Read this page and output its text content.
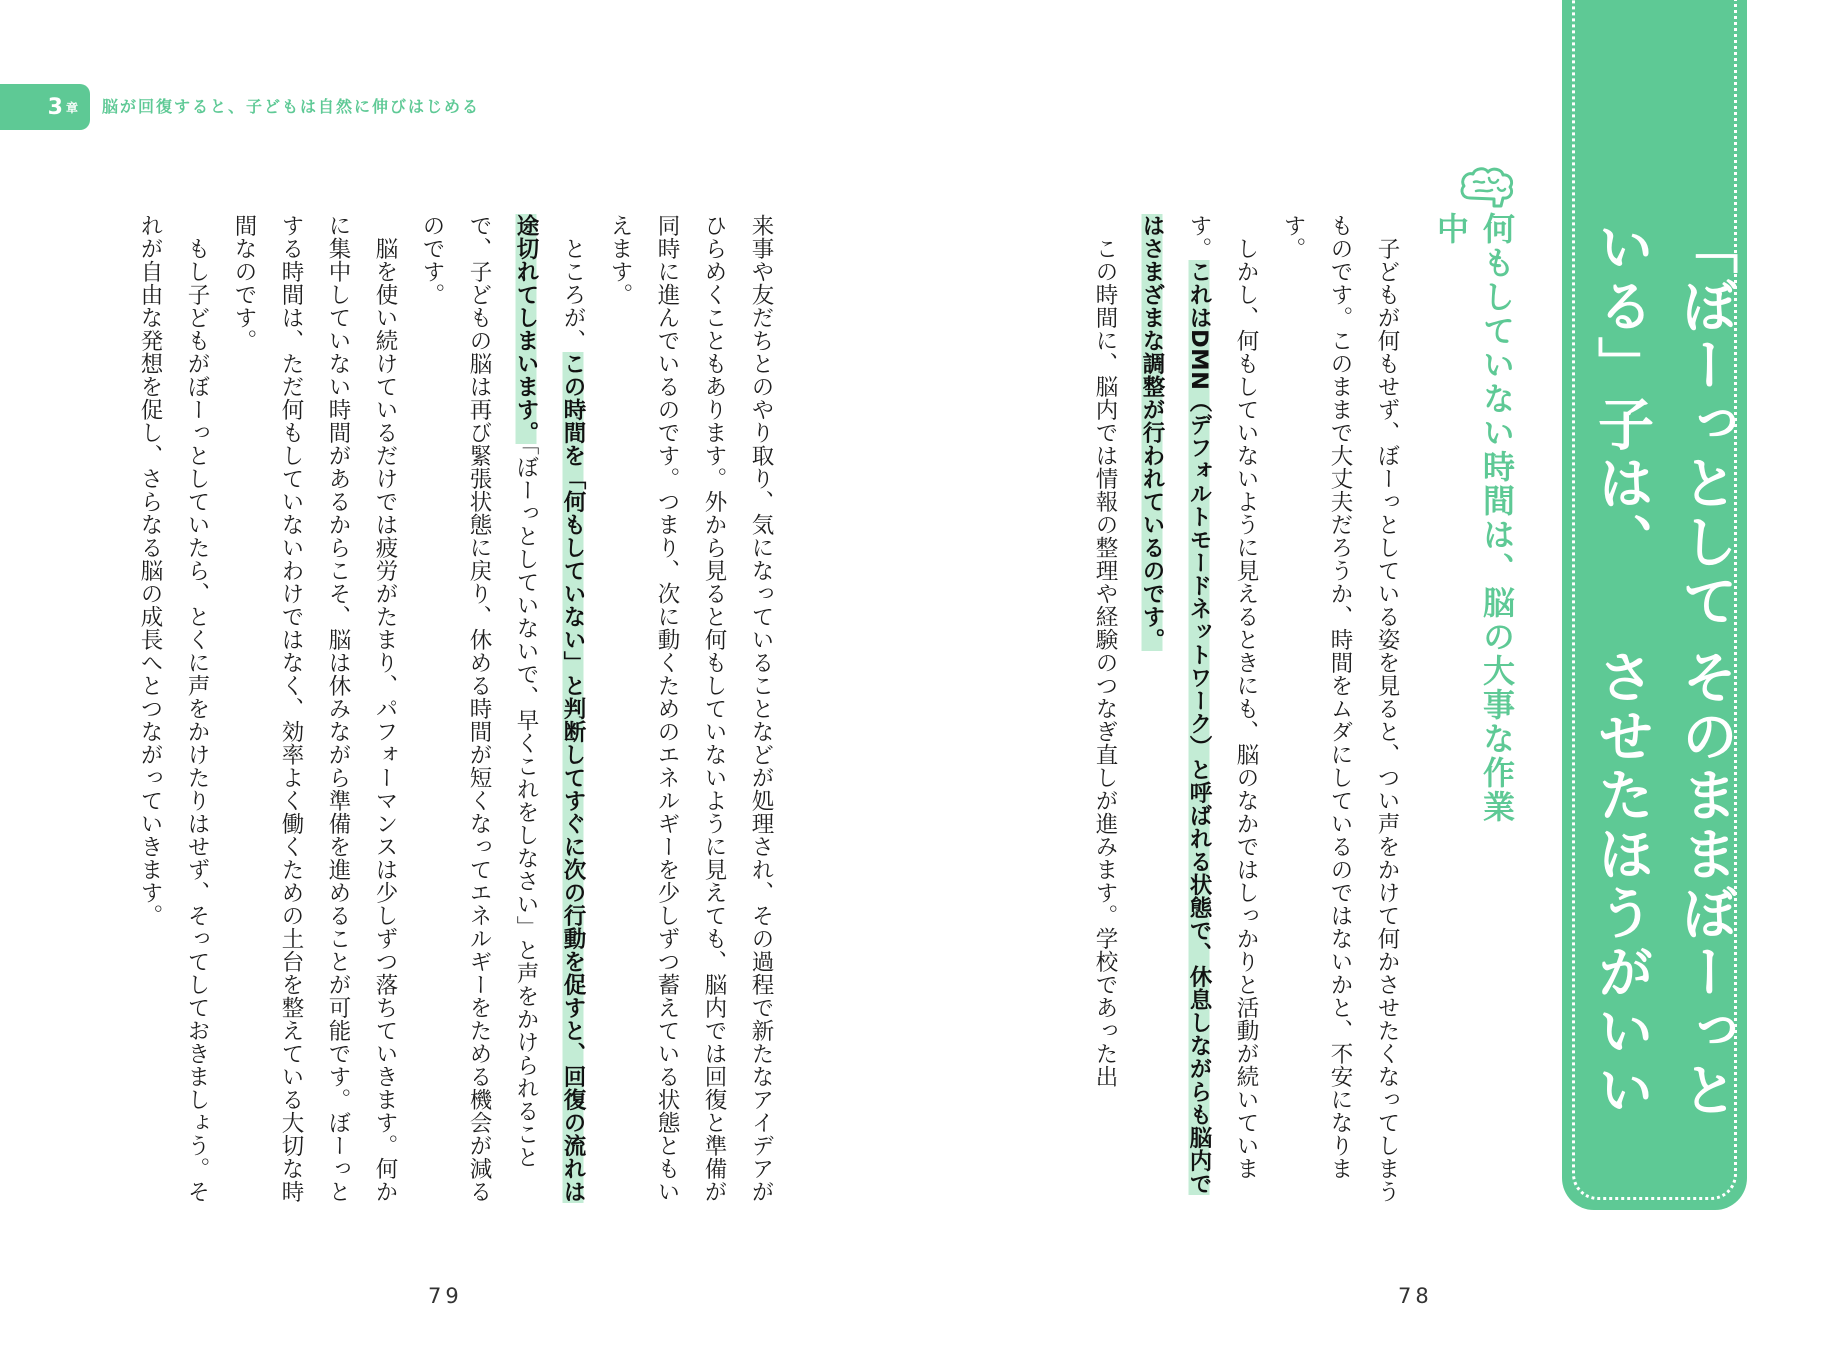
3 章 脳が回復すると、子どもは自然に伸びはじめる
「ぼーっとしている」子は、
そのままぼーっとさせたほうがいい
何もしていない時間は、脳の大事な作業中

子どもが何もせず、ぼーっとしている姿を見ると、つい声をかけて何かさせたくなってしまうものです。このままで大丈夫だろうか、時間をムダにしているのではないかと、不安になります。

しかし、何もしていないように見えるときにも、脳のなかではしっかりと活動が続いています。これはDMN（デフォルトモードネットワーク）と呼ばれる状態で、休息しながらも脳内ではさまざまな調整が行われているのです。

この時間に、脳内では情報の整理や経験のつなぎ直しが進みます。学校であった出

来事や友だちとのやり取り、気になっていることなどが処理され、その過程で新たなアイデアがひらめくこともあります。外から見ると何もしていないように見えても、脳内では回復と準備が同時に進んでいるのです。つまり、次に動くためのエネルギーを少しずつ蓄えている状態ともいえます。

ところが、この時間を「何もしていない」と判断してすぐに次の行動を促すと、回復の流れは途切れてしまいます。「ぼーっとしていないで、早くこれをしなさい」と声をかけられることで、子どもの脳は再び緊張状態に戻り、休める時間が短くなってエネルギーをためる機会が減るのです。

脳を使い続けているだけでは疲労がたまり、パフォーマンスは少しずつ落ちていきます。何かに集中していない時間があるからこそ、脳は休みながら準備を進めることが可能です。ぼーっとする時間は、ただ何もしていないわけではなく、効率よく働くための土台を整えている大切な時間なのです。

もし子どもがぼーっとしていたら、とくに声をかけたりはせず、そってしておきましょう。それが自由な発想を促し、さらなる脳の成長へとつながっていきます。

79	78
